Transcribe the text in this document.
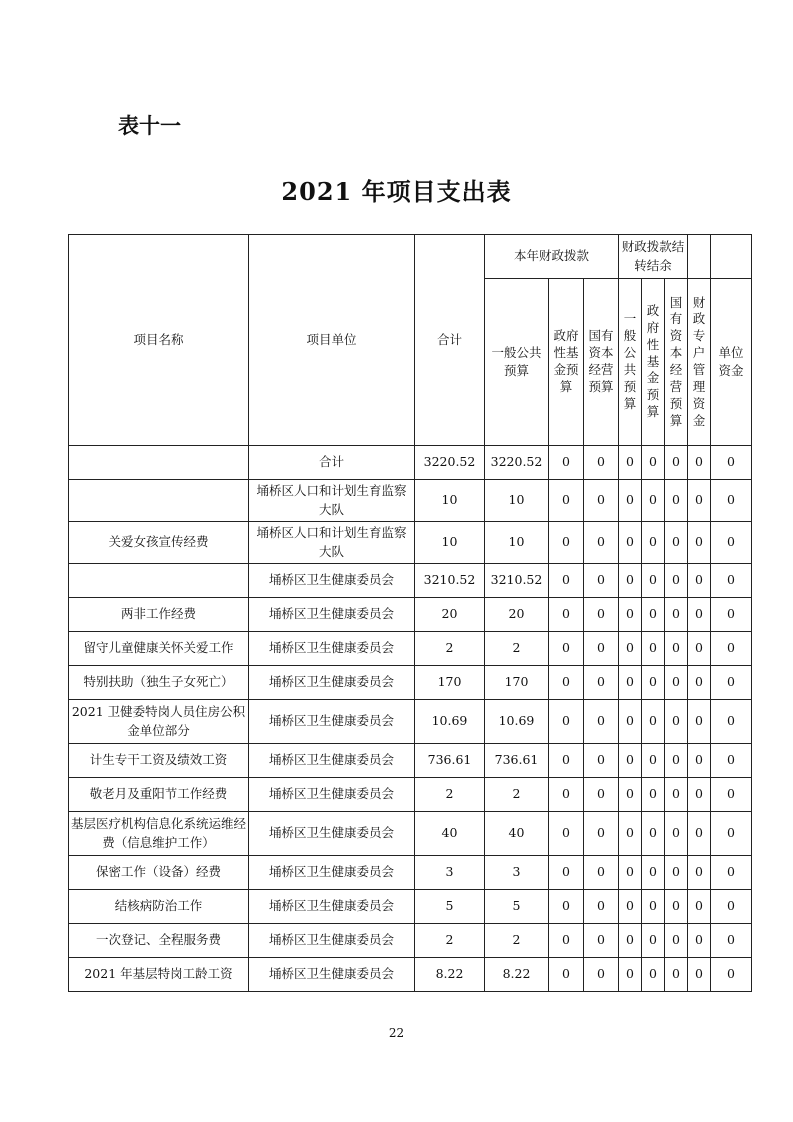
表十一
2021 年项目支出表
项目名称	项目单位	合计	本年财政拨款			财政拨款结转结余				
			一般公共预算	政府性基金预算	国有资本经营预算	一般公共预算	政府性基金预算	国有资本经营预算	财政专户管理资金	单位资金
	合计	3220.52	3220.52	0	0	0	0	0	0	0
	埇桥区人口和计划生育监察大队	10	10	0	0	0	0	0	0	0
关爱女孩宣传经费	埇桥区人口和计划生育监察大队	10	10	0	0	0	0	0	0	0
	埇桥区卫生健康委员会	3210.52	3210.52	0	0	0	0	0	0	0
两非工作经费	埇桥区卫生健康委员会	20	20	0	0	0	0	0	0	0
留守儿童健康关怀关爱工作	埇桥区卫生健康委员会	2	2	0	0	0	0	0	0	0
特别扶助（独生子女死亡）	埇桥区卫生健康委员会	170	170	0	0	0	0	0	0	0
2021 卫健委特岗人员住房公积金单位部分	埇桥区卫生健康委员会	10.69	10.69	0	0	0	0	0	0	0
计生专干工资及绩效工资	埇桥区卫生健康委员会	736.61	736.61	0	0	0	0	0	0	0
敬老月及重阳节工作经费	埇桥区卫生健康委员会	2	2	0	0	0	0	0	0	0
基层医疗机构信息化系统运维经费（信息维护工作）	埇桥区卫生健康委员会	40	40	0	0	0	0	0	0	0
保密工作（设备）经费	埇桥区卫生健康委员会	3	3	0	0	0	0	0	0	0
结核病防治工作	埇桥区卫生健康委员会	5	5	0	0	0	0	0	0	0
一次登记、全程服务费	埇桥区卫生健康委员会	2	2	0	0	0	0	0	0	0
2021 年基层特岗工龄工资	埇桥区卫生健康委员会	8.22	8.22	0	0	0	0	0	0	0
22
